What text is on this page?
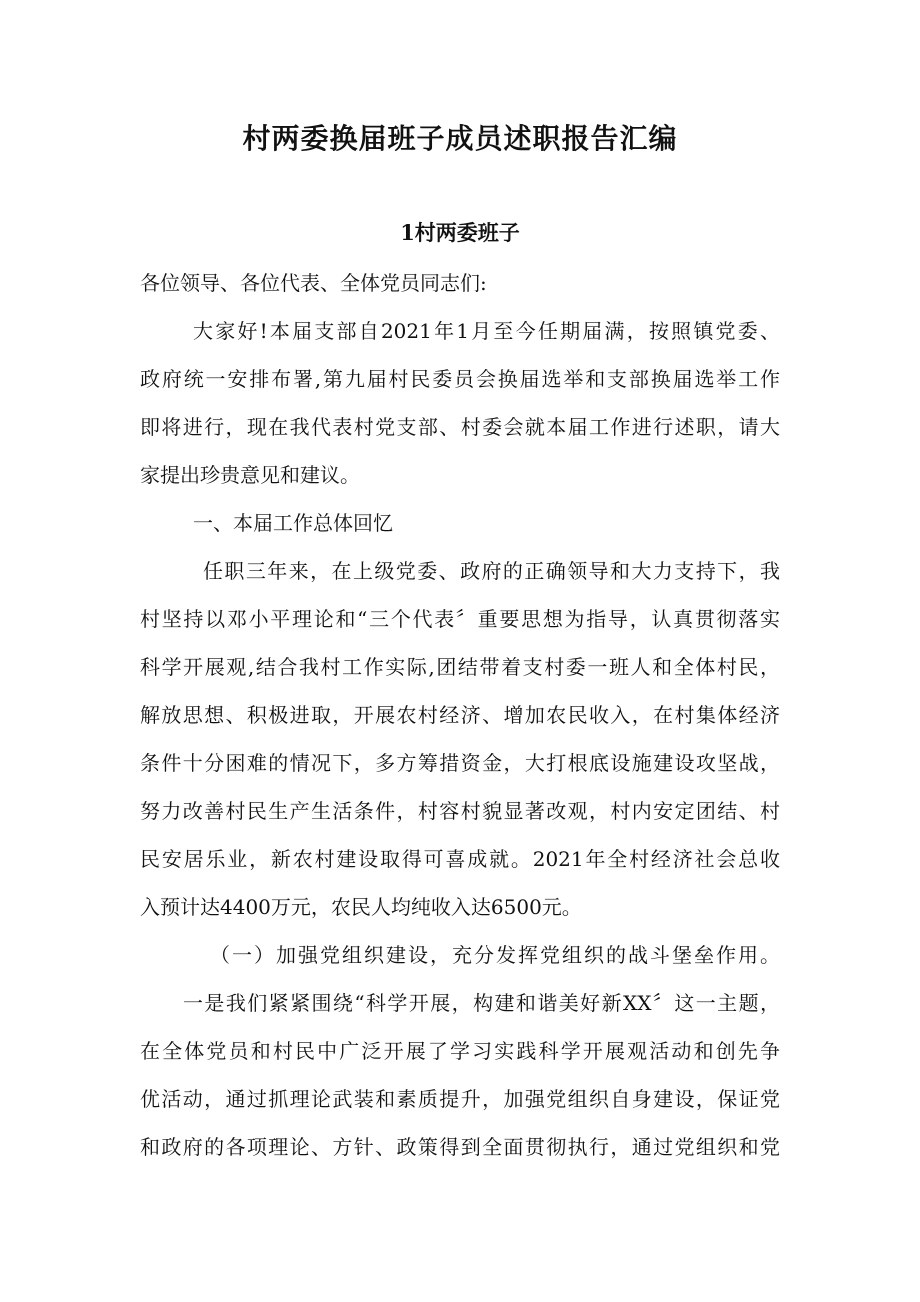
村两委换届班子成员述职报告汇编
1村两委班子
各位领导、各位代表、全体党员同志们:
大家好!本届支部自2021年1月至今任期届满，按照镇党委、
政府统一安排布署,第九届村民委员会换届选举和支部换届选举工作
即将进行，现在我代表村党支部、村委会就本届工作进行述职，请大
家提出珍贵意见和建议。
一、本届工作总体回忆
任职三年来，在上级党委、政府的正确领导和大力支持下，我
村坚持以邓小平理论和“三个代表〞重要思想为指导，认真贯彻落实
科学开展观,结合我村工作实际,团结带着支村委一班人和全体村民，
解放思想、积极进取，开展农村经济、增加农民收入，在村集体经济
条件十分困难的情况下，多方筹措资金，大打根底设施建设攻坚战，
努力改善村民生产生活条件，村容村貌显著改观，村内安定团结、村
民安居乐业，新农村建设取得可喜成就。2021年全村经济社会总收
入预计达4400万元，农民人均纯收入达6500元。
（一）加强党组织建设，充分发挥党组织的战斗堡垒作用。
一是我们紧紧围绕“科学开展，构建和谐美好新XX〞这一主题，
在全体党员和村民中广泛开展了学习实践科学开展观活动和创先争
优活动，通过抓理论武装和素质提升，加强党组织自身建设，保证党
和政府的各项理论、方针、政策得到全面贯彻执行，通过党组织和党
